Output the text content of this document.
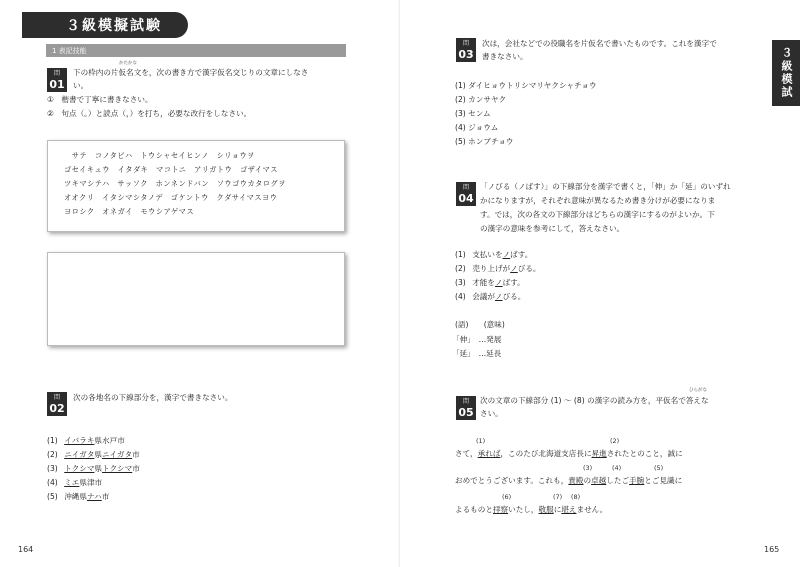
３級模擬試験
1 表記技能
問
01
かたかな
下の枠内の片仮名文を，次の書き方で漢字仮名交じりの文章にしなさ
い。
①　楷書で丁寧に書きなさい。
②　句点（。）と読点（，）を打ち，必要な改行をしなさい。
　サテ　コノタビハ　トウシャセイヒンノ　シリョウヲ
ゴセイキュウ　イタダキ　マコトニ　アリガトウ　ゴザイマス
ツキマシテハ　サッソク　ホンネンドバン　ソウゴウカタログヲ
オオクリ　イタシマシタノデ　ゴケントウ　クダサイマスヨウ
ヨロシク　オネガイ　モウシアゲマス
問
02
次の各地名の下線部分を，漢字で書きなさい。
(1) イバラキ県水戸市
(2) ニイガタ県ニイガタ市
(3) トクシマ県トクシマ市
(4) ミエ県津市
(5) 沖縄県ナハ市
164
問
03
次は，会社などでの役職名を片仮名で書いたものです。これを漢字で
書きなさい。
(1) ダイヒョウトリシマリヤクシャチョウ
(2) カンサヤク
(3) センム
(4) ジョウム
(5) ホンブチョウ
問
04
「ノびる（ノばす）」の下線部分を漢字で書くと，「伸」か「延」のいずれ
かになりますが，それぞれ意味が異なるため書き分けが必要になりま
す。では，次の各文の下線部分はどちらの漢字にするのがよいか。下
の漢字の意味を参考にして，答えなさい。
(1) 支払いをノばす。
(2) 売り上げがノびる。
(3) 才能をノばす。
(4) 会議がノびる。
(語)　　(意味)
「伸」　…発展
「延」　…延長
問
05
ひらがな
次の文章の下線部分 (1) ～ (8) の漢字の読み方を，平仮名で答えな
さい。
(1)	(2)
さて，承れば，このたび北海道支店長に昇進されたとのこと，誠に
(3)	(4)	(5)
おめでとうございます。これも，貴殿の卓越したご手腕とご見識に
(6)	(7) (8)
よるものと拝察いたし，敬服に堪えません。
165
３級模試
